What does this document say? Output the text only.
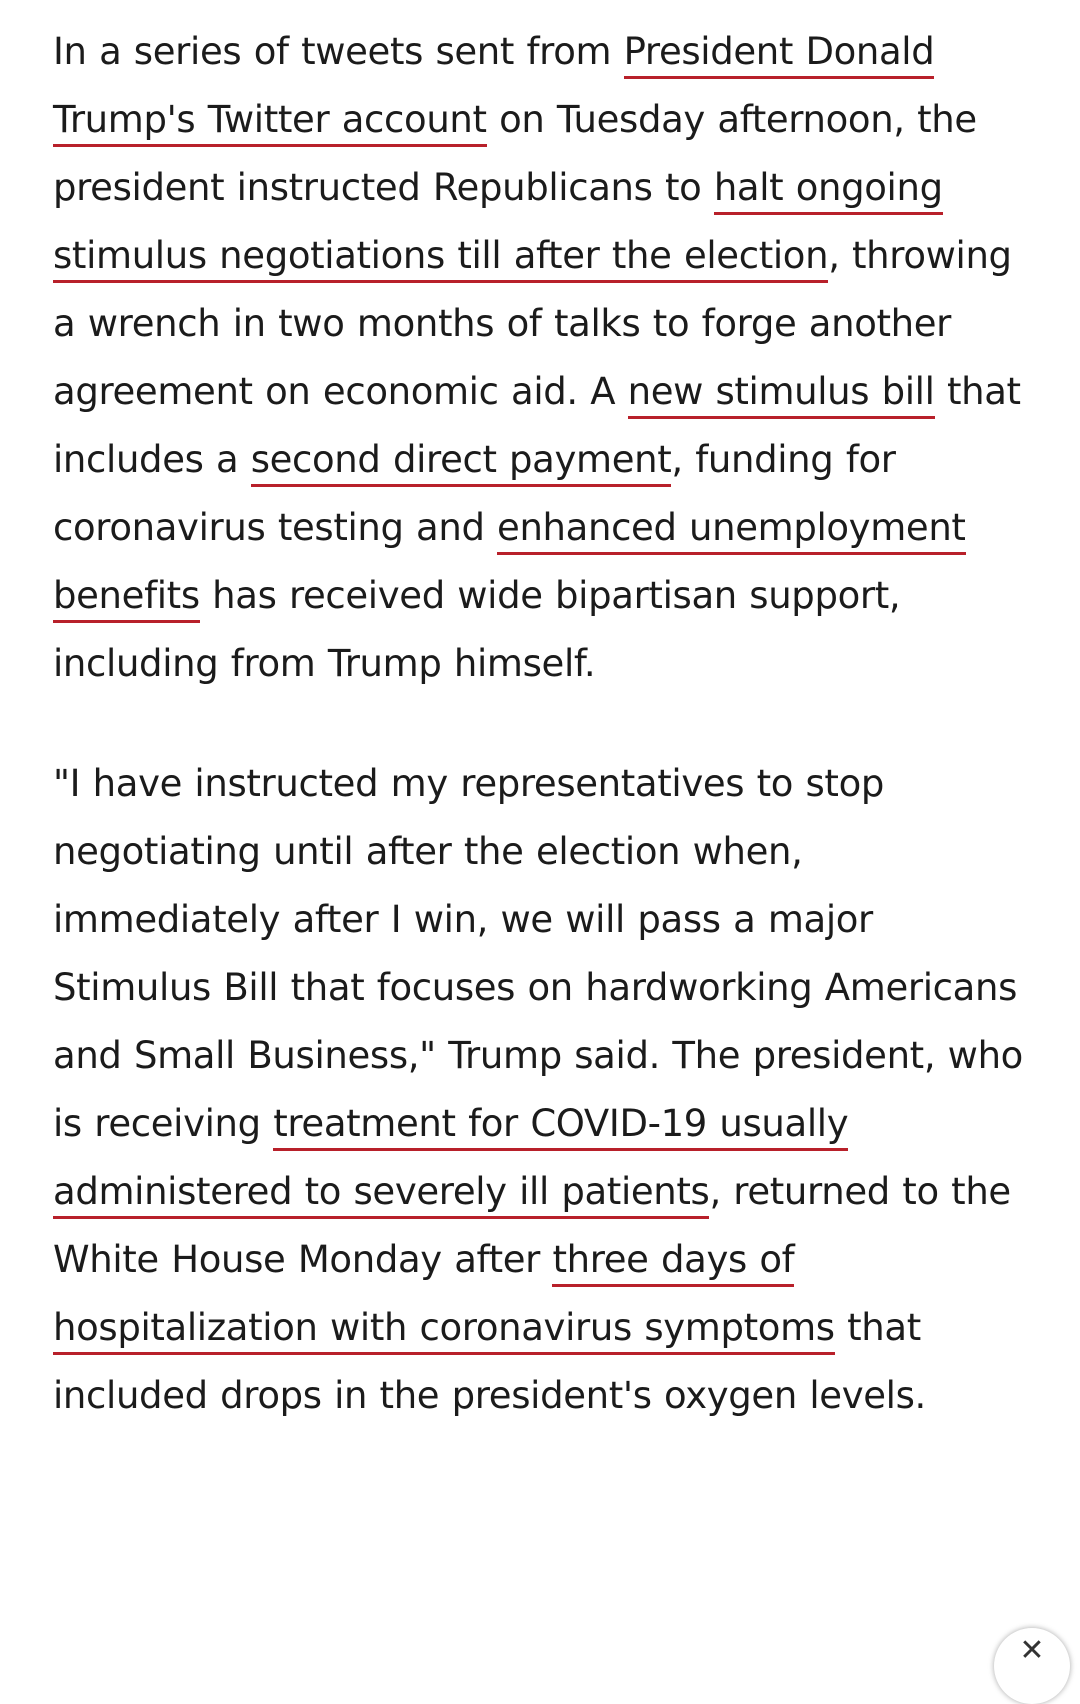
In a series of tweets sent from President Donald Trump's Twitter account on Tuesday afternoon, the president instructed Republicans to halt ongoing stimulus negotiations till after the election, throwing a wrench in two months of talks to forge another agreement on economic aid. A new stimulus bill that includes a second direct payment, funding for coronavirus testing and enhanced unemployment benefits has received wide bipartisan support, including from Trump himself.

"I have instructed my representatives to stop negotiating until after the election when, immediately after I win, we will pass a major Stimulus Bill that focuses on hardworking Americans and Small Business," Trump said. The president, who is receiving treatment for COVID-19 usually administered to severely ill patients, returned to the White House Monday after three days of hospitalization with coronavirus symptoms that included drops in the president's oxygen levels.

✕
